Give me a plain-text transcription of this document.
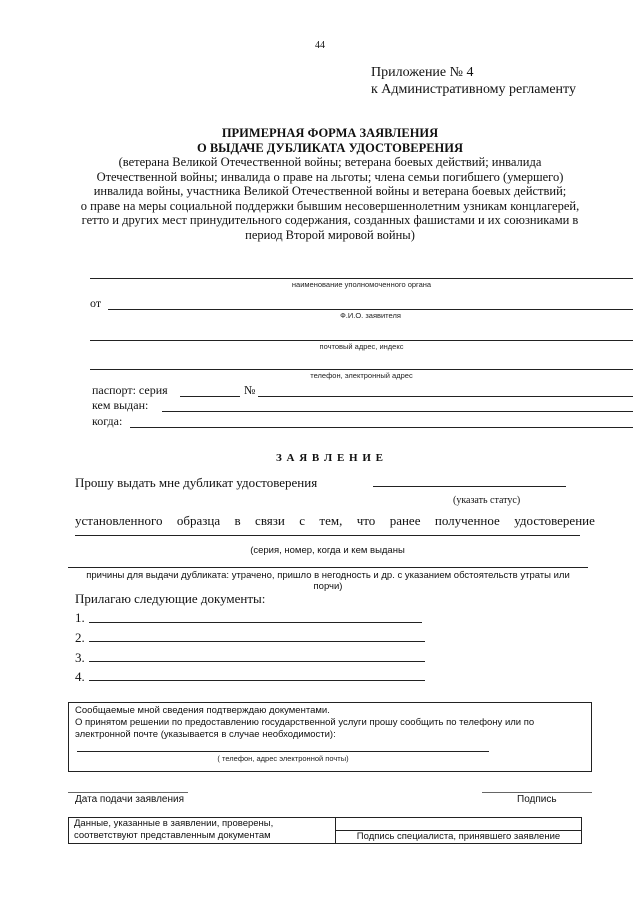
44
Приложение № 4
к Административному регламенту
ПРИМЕРНАЯ ФОРМА ЗАЯВЛЕНИЯ
О ВЫДАЧЕ ДУБЛИКАТА УДОСТОВЕРЕНИЯ
(ветерана Великой Отечественной войны; ветерана боевых действий; инвалида
Отечественной войны; инвалида о праве на льготы; члена семьи погибшего (умершего)
инвалида войны, участника Великой Отечественной войны и ветерана боевых действий;
о праве на меры социальной поддержки бывшим несовершеннолетним узникам концлагерей,
гетто и других мест принудительного содержания, созданных фашистами и их союзниками в
период Второй мировой войны)
наименование уполномоченного органа
от
Ф.И.О. заявителя
почтовый адрес, индекс
телефон, электронный адрес
паспорт: серия	№
кем выдан:
когда:
З А Я В Л Е Н И Е
Прошу выдать мне дубликат удостоверения
(указать статус)
установленного образца в связи с тем, что ранее полученное удостоверение
(серия, номер, когда и кем выданы
причины для выдачи дубликата: утрачено, пришло в негодность и др. с указанием обстоятельств утраты или
порчи)
Прилагаю следующие документы:
1.
2.
3.
4.
Сообщаемые мной сведения подтверждаю документами.
О принятом решении по предоставлению государственной услуги прошу сообщить по телефону или по
электронной почте (указывается в случае необходимости):
( телефон, адрес электронной почты)
Дата подачи заявления	Подпись
Данные, указанные в заявлении, проверены,
соответствуют представленным документам	Подпись специалиста, принявшего заявление
